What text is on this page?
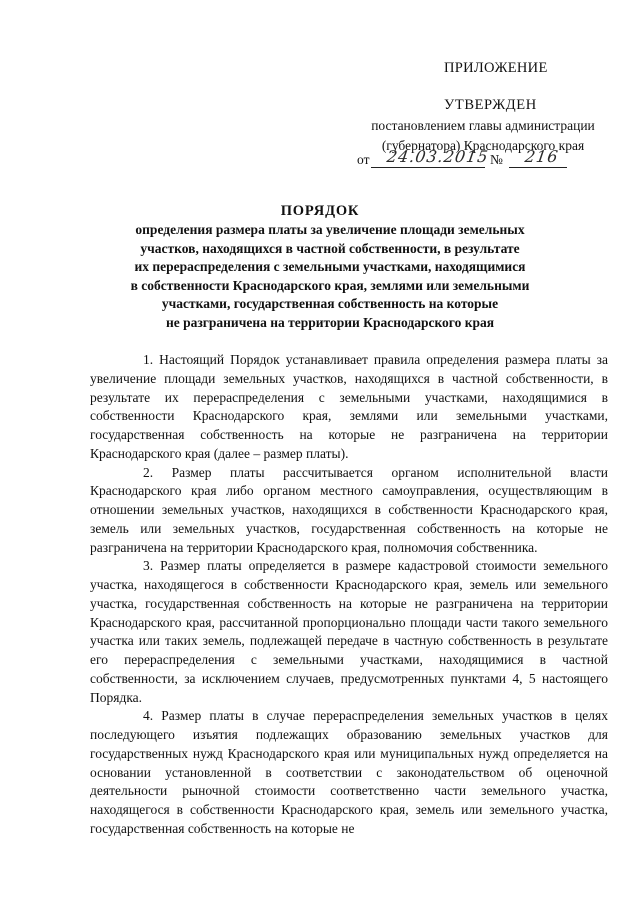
ПРИЛОЖЕНИЕ
УТВЕРЖДЕН
постановлением главы администрации
(губернатора) Краснодарского края
от 24.03.2015 № 216
ПОРЯДОК
определения размера платы за увеличение площади земельных
участков, находящихся в частной собственности, в результате
их перераспределения с земельными участками, находящимися
в собственности Краснодарского края, землями или земельными
участками, государственная собственность на которые
не разграничена на территории Краснодарского края

1. Настоящий Порядок устанавливает правила определения размера платы за увеличение площади земельных участков, находящихся в частной собственности, в результате их перераспределения с земельными участками, находящимися в собственности Краснодарского края, землями или земельными участками, государственная собственность на которые не разграничена на территории Краснодарского края (далее – размер платы).

2. Размер платы рассчитывается органом исполнительной власти Краснодарского края либо органом местного самоуправления, осуществляющим в отношении земельных участков, находящихся в собственности Краснодарского края, земель или земельных участков, государственная собственность на которые не разграничена на территории Краснодарского края, полномочия собственника.

3. Размер платы определяется в размере кадастровой стоимости земельного участка, находящегося в собственности Краснодарского края, земель или земельного участка, государственная собственность на которые не разграничена на территории Краснодарского края, рассчитанной пропорционально площади части такого земельного участка или таких земель, подлежащей передаче в частную собственность в результате его перераспределения с земельными участками, находящимися в частной собственности, за исключением случаев, предусмотренных пунктами 4, 5 настоящего Порядка.

4. Размер платы в случае перераспределения земельных участков в целях последующего изъятия подлежащих образованию земельных участков для государственных нужд Краснодарского края или муниципальных нужд определяется на основании установленной в соответствии с законодательством об оценочной деятельности рыночной стоимости соответственно части земельного участка, находящегося в собственности Краснодарского края, земель или земельного участка, государственная собственность на которые не
